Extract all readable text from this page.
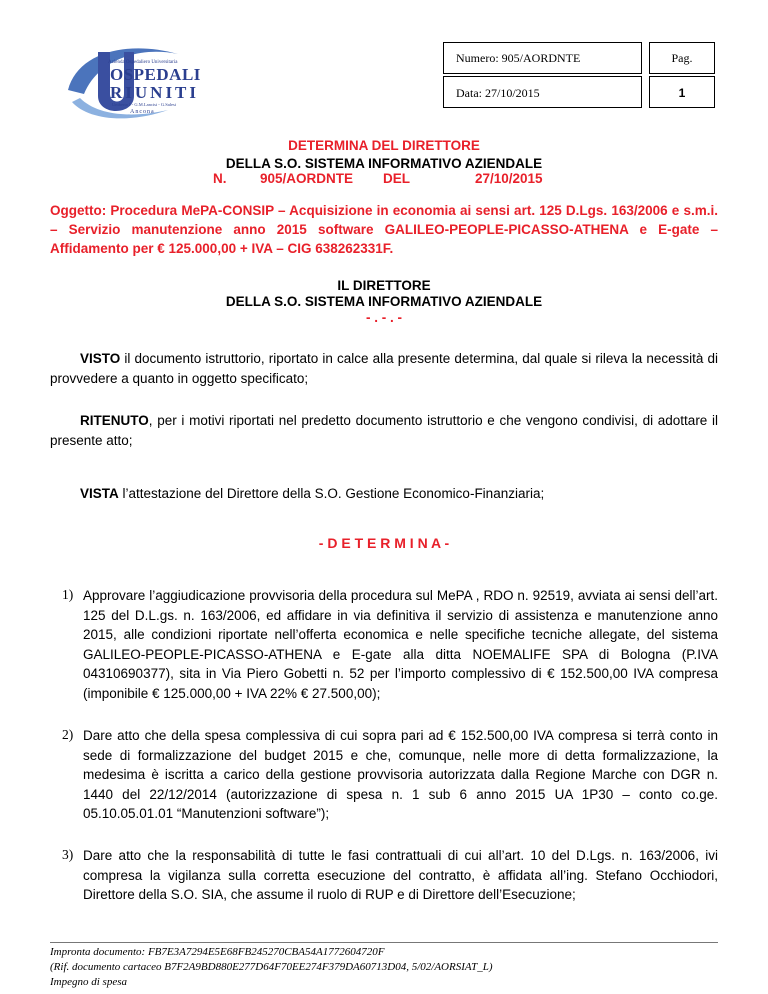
Azienda Ospedaliero Universitaria
OSPEDALI
RIUNITI
Umberto I - G.M.Lancisi - G.Salesi
Ancona
Numero: 905/AORDNTE	Pag.
Data: 27/10/2015	1
DETERMINA DEL DIRETTORE
DELLA S.O. SISTEMA INFORMATIVO AZIENDALE
N. 905/AORDNTE DEL	27/10/2015
Oggetto: Procedura MePA-CONSIP – Acquisizione in economia ai sensi art. 125 D.Lgs. 163/2006 e s.m.i. – Servizio manutenzione anno 2015 software GALILEO-PEOPLE-PICASSO-ATHENA e E-gate – Affidamento per € 125.000,00 + IVA – CIG 638262331F.
IL DIRETTORE
DELLA S.O. SISTEMA INFORMATIVO AZIENDALE
- . - . -
VISTO il documento istruttorio, riportato in calce alla presente determina, dal quale si rileva la necessità di provvedere a quanto in oggetto specificato;
RITENUTO, per i motivi riportati nel predetto documento istruttorio e che vengono condivisi, di adottare il presente atto;
VISTA l’attestazione del Direttore della S.O. Gestione Economico-Finanziaria;
- D E T E R M I N A -
1) Approvare l’aggiudicazione provvisoria della procedura sul MePA , RDO n. 92519, avviata ai sensi dell’art. 125 del D.L.gs. n. 163/2006, ed affidare in via definitiva il servizio di assistenza e manutenzione anno 2015, alle condizioni riportate nell’offerta economica e nelle specifiche tecniche allegate, del sistema GALILEO-PEOPLE-PICASSO-ATHENA e E-gate alla ditta NOEMALIFE SPA di Bologna (P.IVA 04310690377), sita in Via Piero Gobetti n. 52 per l’importo complessivo di € 152.500,00 IVA compresa (imponibile € 125.000,00 + IVA 22% € 27.500,00);
2) Dare atto che della spesa complessiva di cui sopra pari ad € 152.500,00 IVA compresa si terrà conto in sede di formalizzazione del budget 2015 e che, comunque, nelle more di detta formalizzazione, la medesima è iscritta a carico della gestione provvisoria autorizzata dalla Regione Marche con DGR n. 1440 del 22/12/2014 (autorizzazione di spesa n. 1 sub 6 anno 2015 UA 1P30 – conto co.ge. 05.10.05.01.01 “Manutenzioni software”);
3) Dare atto che la responsabilità di tutte le fasi contrattuali di cui all’art. 10 del D.Lgs. n. 163/2006, ivi compresa la vigilanza sulla corretta esecuzione del contratto, è affidata all’ing. Stefano Occhiodori, Direttore della S.O. SIA, che assume il ruolo di RUP e di Direttore dell’Esecuzione;
Impronta documento: FB7E3A7294E5E68FB245270CBA54A1772604720F
(Rif. documento cartaceo B7F2A9BD880E277D64F70EE274F379DA60713D04, 5/02/AORSIAT_L)
Impegno di spesa
